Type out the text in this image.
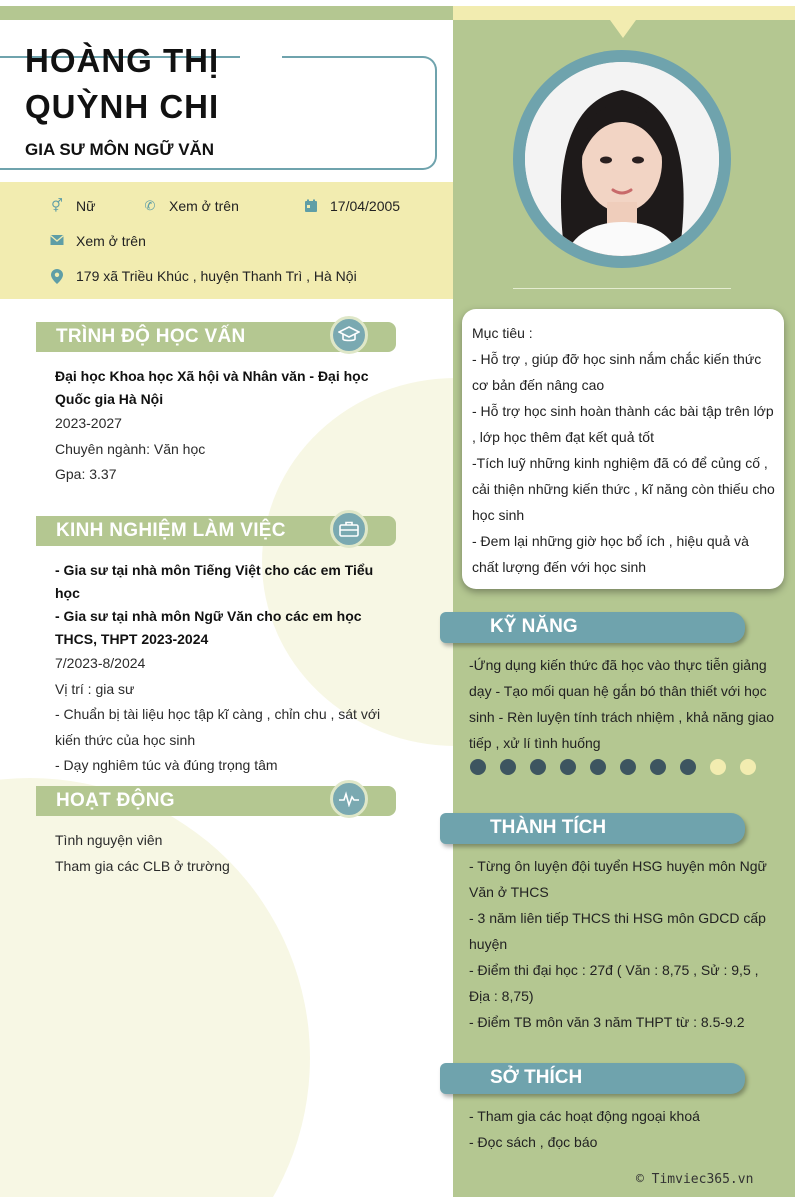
HOÀNG THỊ
QUỲNH CHI
GIA SƯ MÔN NGỮ VĂN
⚥ Nữ	✆ Xem ở trên	17/04/2005
Xem ở trên
179 xã Triều Khúc , huyện Thanh Trì , Hà Nội
TRÌNH ĐỘ HỌC VẤN
Đại học Khoa học Xã hội và Nhân văn - Đại học Quốc gia Hà Nội
2023-2027
Chuyên ngành: Văn học
Gpa: 3.37
KINH NGHIỆM LÀM VIỆC
- Gia sư tại nhà môn Tiếng Việt cho các em Tiểu học
- Gia sư tại nhà môn Ngữ Văn cho các em học THCS, THPT 2023-2024
7/2023-8/2024
Vị trí : gia sư
- Chuẩn bị tài liệu học tập kĩ càng , chỉn chu , sát với kiến thức của học sinh
- Dạy nghiêm túc và đúng trọng tâm
HOẠT ĐỘNG
Tình nguyện viên
Tham gia các CLB ở trường
Mục tiêu :
- Hỗ trợ , giúp đỡ học sinh nắm chắc kiến thức cơ bản đến nâng cao
- Hỗ trợ học sinh hoàn thành các bài tập trên lớp , lớp học thêm đạt kết quả tốt
-Tích luỹ những kinh nghiệm đã có để củng cố , cải thiện những kiến thức , kĩ năng còn thiếu cho học sinh
- Đem lại những giờ học bổ ích , hiệu quả và chất lượng đến với học sinh
KỸ NĂNG
-Ứng dụng kiến thức đã học vào thực tiễn giảng dạy - Tạo mối quan hệ gắn bó thân thiết với học sinh - Rèn luyện tính trách nhiệm , khả năng giao tiếp , xử lí tình huống
THÀNH TÍCH
- Từng ôn luyện đội tuyển HSG huyện môn Ngữ Văn ở THCS
- 3 năm liên tiếp THCS thi HSG môn GDCD cấp huyện
- Điểm thi đại học : 27đ ( Văn : 8,75 , Sử : 9,5 , Địa : 8,75)
- Điểm TB môn văn 3 năm THPT từ : 8.5-9.2
SỞ THÍCH
- Tham gia các hoạt động ngoại khoá
- Đọc sách , đọc báo
© Timviec365.vn
